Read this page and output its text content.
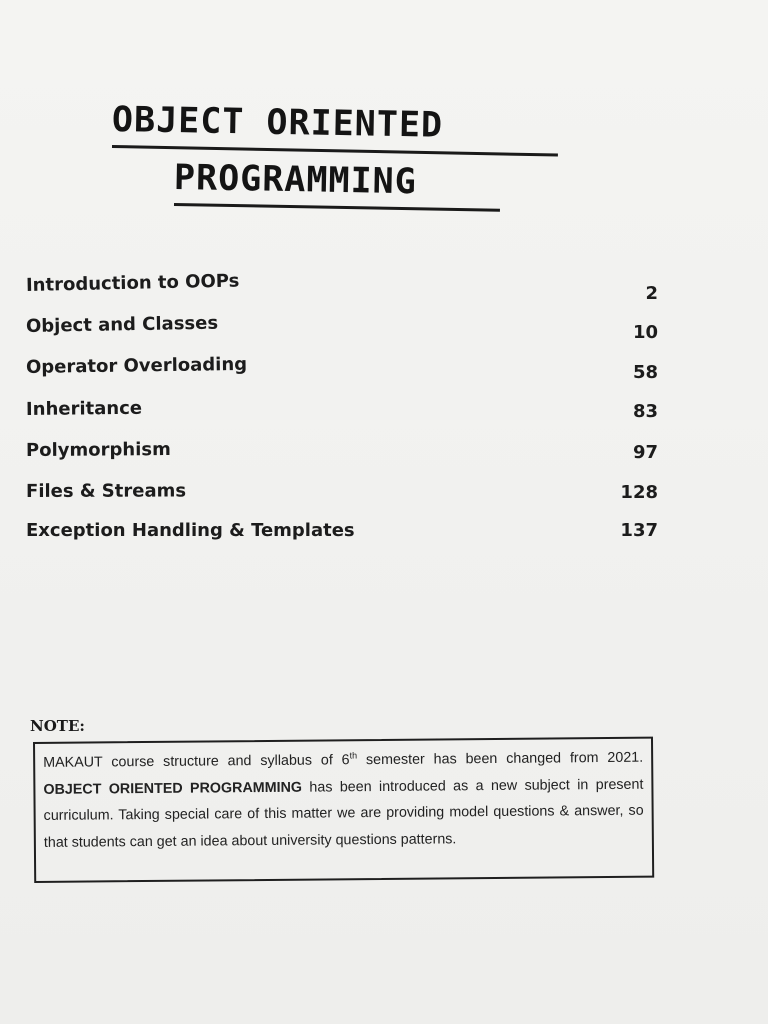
OBJECT ORIENTED
PROGRAMMING
Introduction to OOPs	2
Object and Classes	10
Operator Overloading	58
Inheritance	83
Polymorphism	97
Files & Streams	128
Exception Handling & Templates	137
NOTE:
MAKAUT course structure and syllabus of 6th semester has been changed from 2021. OBJECT ORIENTED PROGRAMMING has been introduced as a new subject in present curriculum. Taking special care of this matter we are providing model questions & answer, so that students can get an idea about university questions patterns.
